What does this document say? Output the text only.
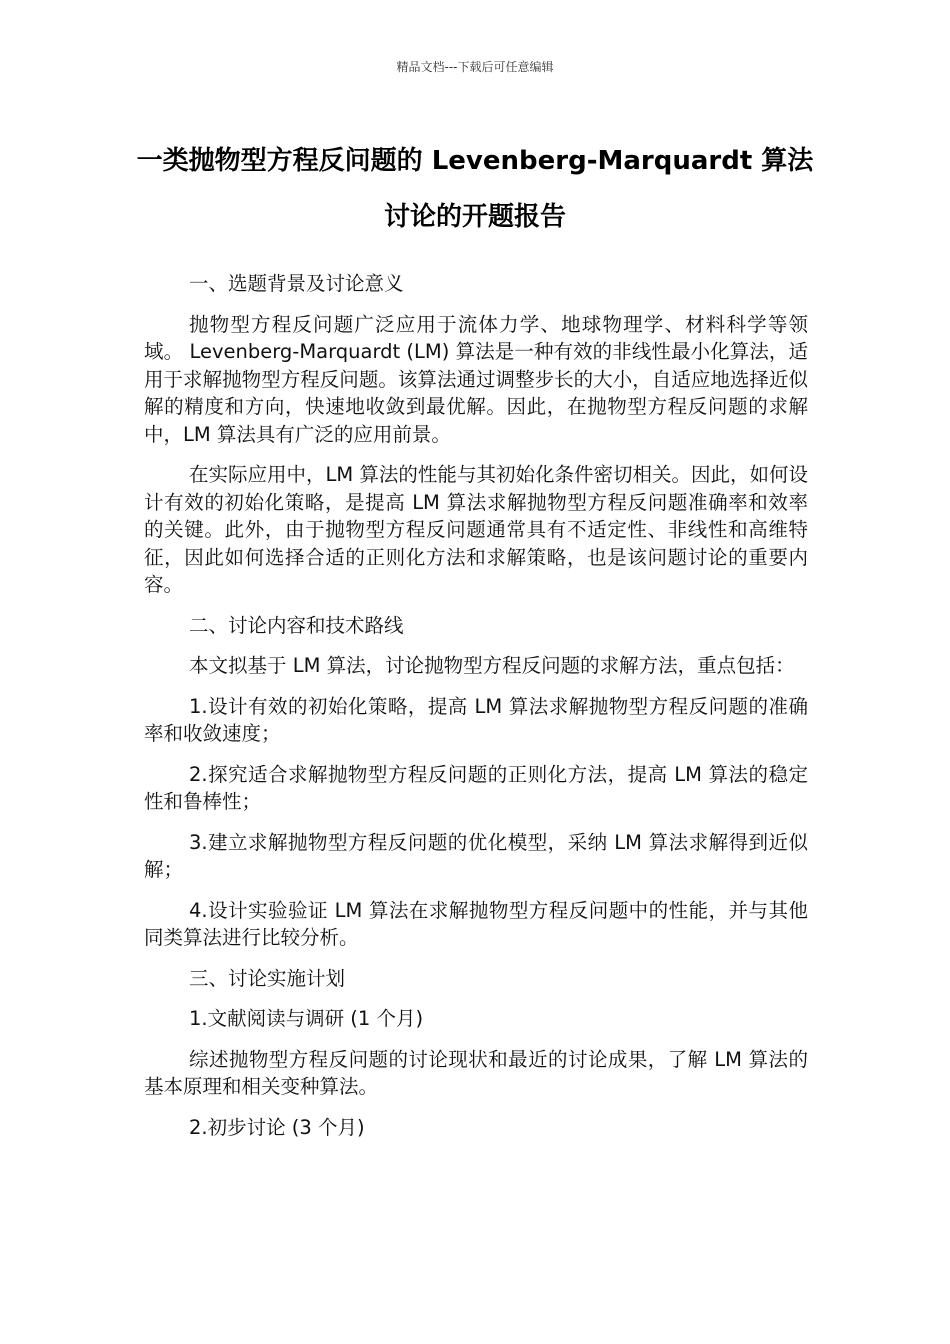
精品文档---下载后可任意编辑
一类抛物型方程反问题的 Levenberg-Marquardt 算法
讨论的开题报告

一、选题背景及讨论意义

抛物型方程反问题广泛应用于流体力学、地球物理学、材料科学等领域。 Levenberg-Marquardt (LM) 算法是一种有效的非线性最小化算法，适用于求解抛物型方程反问题。该算法通过调整步长的大小，自适应地选择近似解的精度和方向，快速地收敛到最优解。因此，在抛物型方程反问题的求解中，LM 算法具有广泛的应用前景。

在实际应用中，LM 算法的性能与其初始化条件密切相关。因此，如何设计有效的初始化策略，是提高 LM 算法求解抛物型方程反问题准确率和效率的关键。此外，由于抛物型方程反问题通常具有不适定性、非线性和高维特征，因此如何选择合适的正则化方法和求解策略，也是该问题讨论的重要内容。

二、讨论内容和技术路线

本文拟基于 LM 算法，讨论抛物型方程反问题的求解方法，重点包括：

1.设计有效的初始化策略，提高 LM 算法求解抛物型方程反问题的准确率和收敛速度；

2.探究适合求解抛物型方程反问题的正则化方法，提高 LM 算法的稳定性和鲁棒性；

3.建立求解抛物型方程反问题的优化模型，采纳 LM 算法求解得到近似解；

4.设计实验验证 LM 算法在求解抛物型方程反问题中的性能，并与其他同类算法进行比较分析。

三、讨论实施计划

1.文献阅读与调研 (1 个月)

综述抛物型方程反问题的讨论现状和最近的讨论成果，了解 LM 算法的基本原理和相关变种算法。

2.初步讨论 (3 个月)
